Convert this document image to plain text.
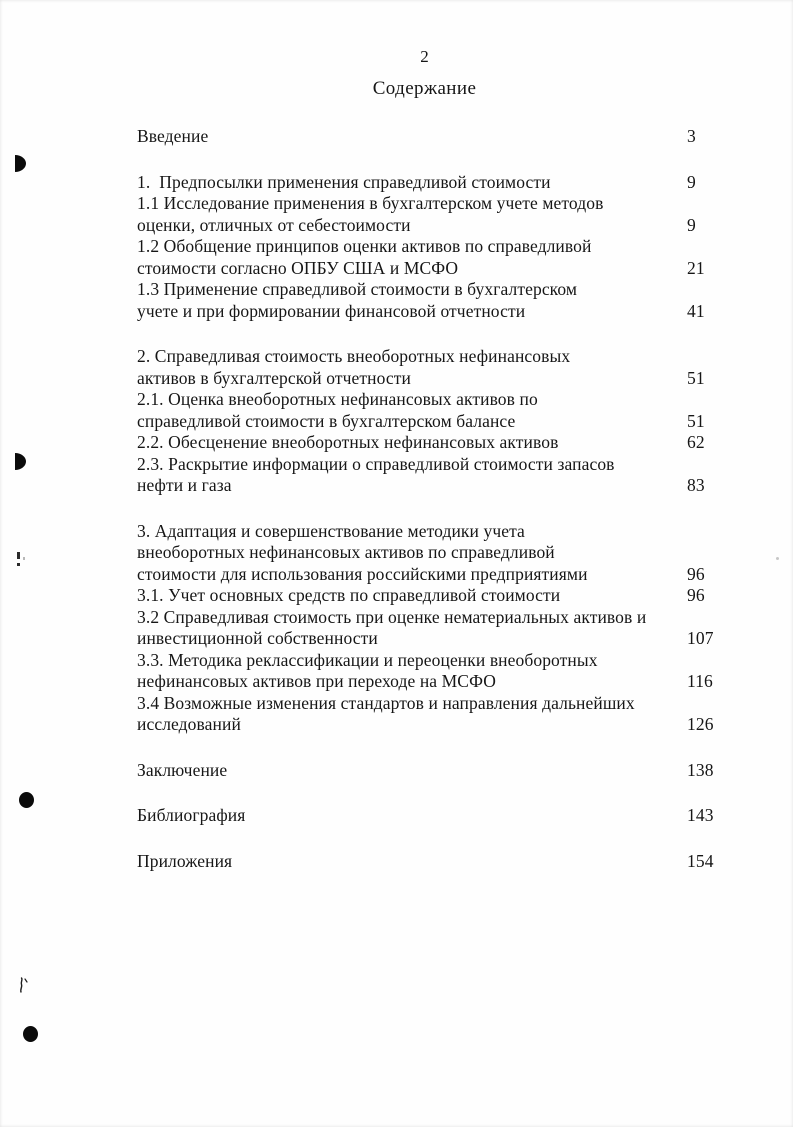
2
Содержание
Введение	3
1.  Предпосылки применения справедливой стоимости	9
1.1 Исследование применения в бухгалтерском учете методов
оценки, отличных от себестоимости	9
1.2 Обобщение принципов оценки активов по справедливой
стоимости согласно ОПБУ США и МСФО	21
1.3 Применение справедливой стоимости в бухгалтерском
учете и при формировании финансовой отчетности	41
2. Справедливая стоимость внеоборотных нефинансовых
активов в бухгалтерской отчетности	51
2.1. Оценка внеоборотных нефинансовых активов по
справедливой стоимости в бухгалтерском балансе	51
2.2. Обесценение внеоборотных нефинансовых активов	62
2.3. Раскрытие информации о справедливой стоимости запасов
нефти и газа	83
3. Адаптация и совершенствование методики учета
внеоборотных нефинансовых активов по справедливой
стоимости для использования российскими предприятиями	96
3.1. Учет основных средств по справедливой стоимости	96
3.2 Справедливая стоимость при оценке нематериальных активов и
инвестиционной собственности	107
3.3. Методика реклассификации и переоценки внеоборотных
нефинансовых активов при переходе на МСФО	116
3.4 Возможные изменения стандартов и направления дальнейших
исследований	126
Заключение	138
Библиография	143
Приложения	154
